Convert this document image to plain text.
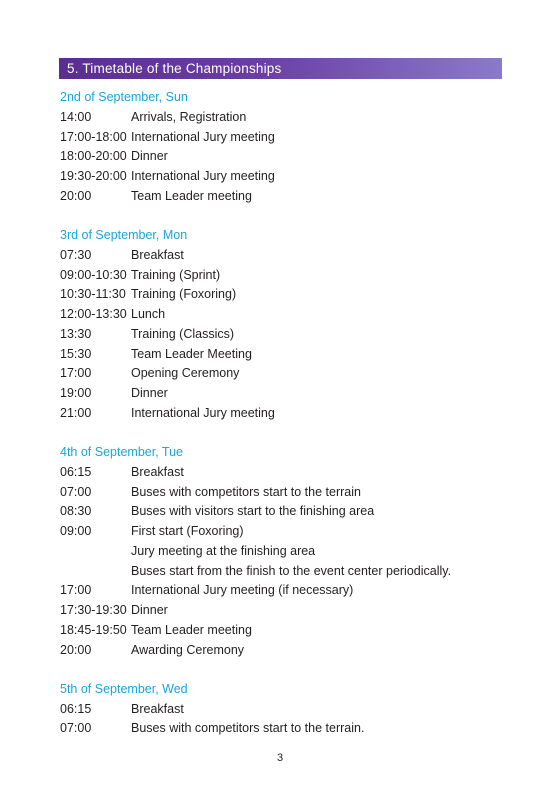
5. Timetable of the Championships
2nd of September, Sun
14:00	Arrivals, Registration
17:00-18:00 International Jury meeting
18:00-20:00 Dinner
19:30-20:00 International Jury meeting
20:00	Team Leader meeting
3rd of September, Mon
07:30	Breakfast
09:00-10:30 Training (Sprint)
10:30-11:30 Training (Foxoring)
12:00-13:30 Lunch
13:30	Training (Classics)
15:30	Team Leader Meeting
17:00	Opening Ceremony
19:00	Dinner
21:00	International Jury meeting
4th of September, Tue
06:15	Breakfast
07:00	Buses with competitors start to the terrain
08:30	Buses with visitors start to the finishing area
09:00	First start (Foxoring)
Jury meeting at the finishing area
Buses start from the finish to the event center periodically.
17:00	International Jury meeting (if necessary)
17:30-19:30 Dinner
18:45-19:50 Team Leader meeting
20:00	Awarding Ceremony
5th of September, Wed
06:15	Breakfast
07:00	Buses with competitors start to the terrain.
3
